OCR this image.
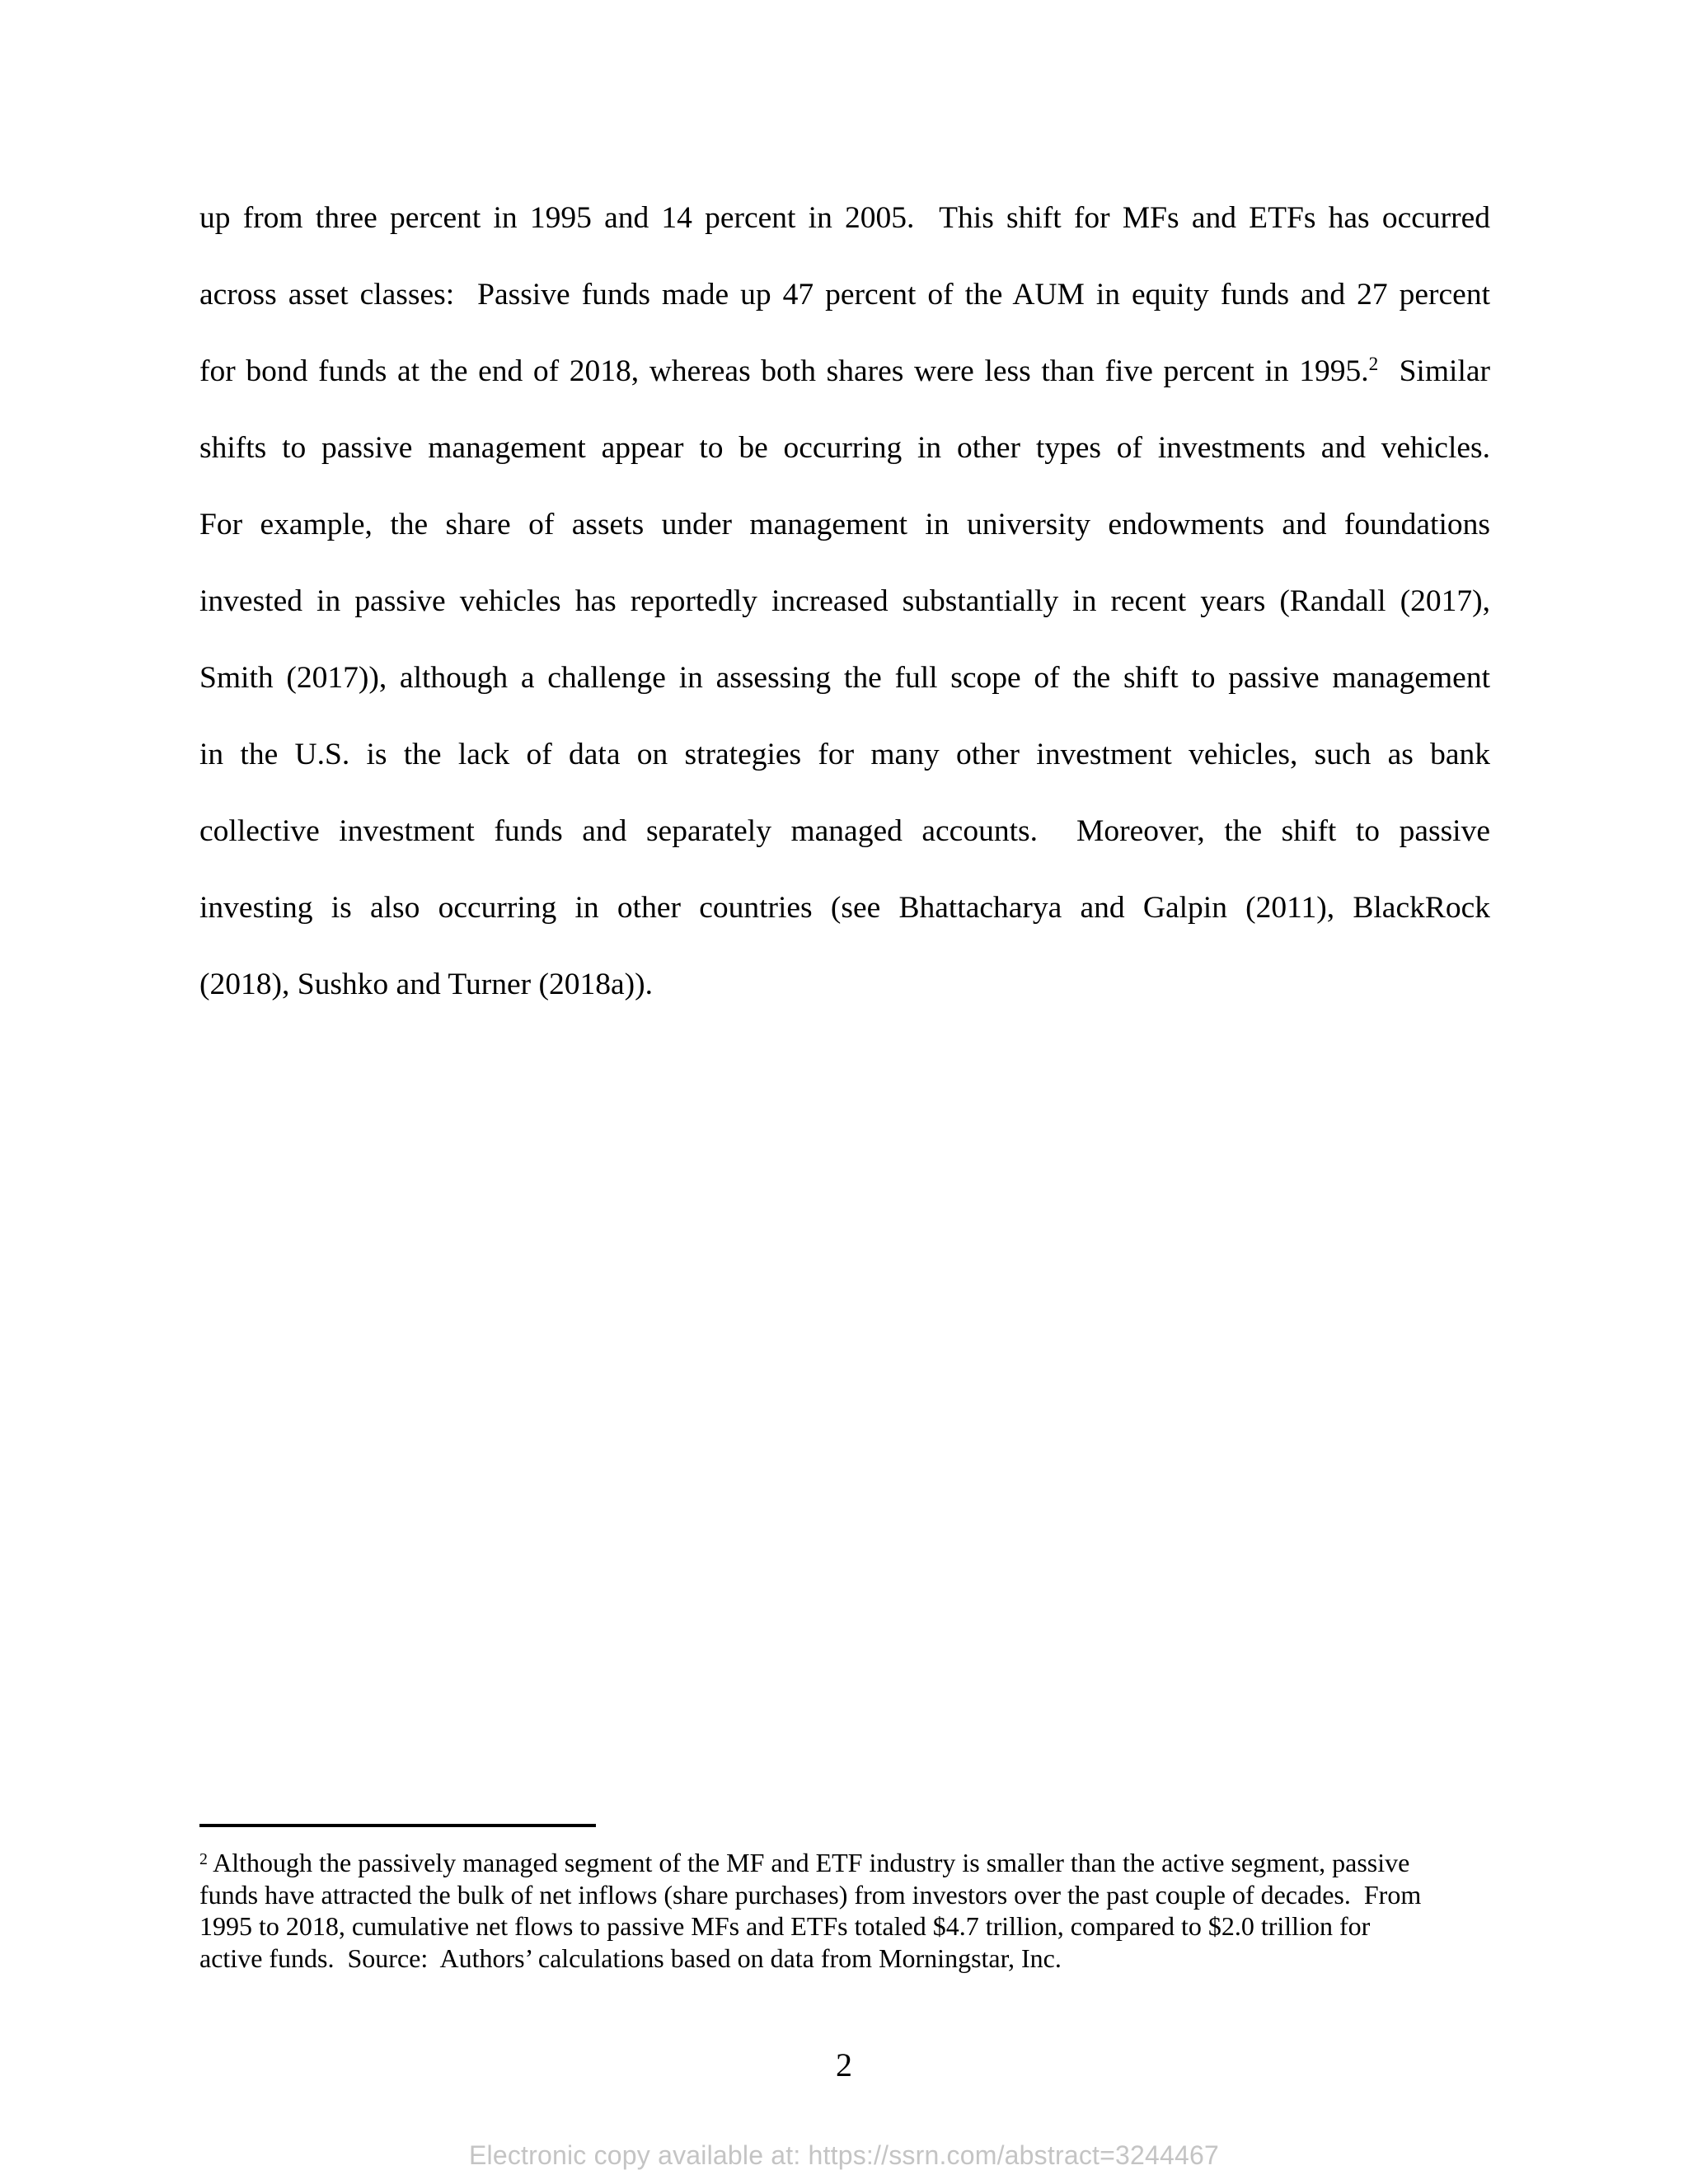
up from three percent in 1995 and 14 percent in 2005.  This shift for MFs and ETFs has occurred
across asset classes:  Passive funds made up 47 percent of the AUM in equity funds and 27 percent
for bond funds at the end of 2018, whereas both shares were less than five percent in 1995.$^2$  Similar
shifts to passive management appear to be occurring in other types of investments and vehicles.
For example, the share of assets under management in university endowments and foundations
invested in passive vehicles has reportedly increased substantially in recent years (Randall (2017),
Smith (2017)), although a challenge in assessing the full scope of the shift to passive management
in the U.S. is the lack of data on strategies for many other investment vehicles, such as bank
collective investment funds and separately managed accounts.  Moreover, the shift to passive
investing is also occurring in other countries (see Bhattacharya and Galpin (2011), BlackRock
(2018), Sushko and Turner (2018a)).
$^2$ Although the passively managed segment of the MF and ETF industry is smaller than the active segment, passive
funds have attracted the bulk of net inflows (share purchases) from investors over the past couple of decades.  From
1995 to 2018, cumulative net flows to passive MFs and ETFs totaled $4.7 trillion, compared to $2.0 trillion for
active funds.  Source:  Authors’ calculations based on data from Morningstar, Inc.
2
Electronic copy available at: https://ssrn.com/abstract=3244467
